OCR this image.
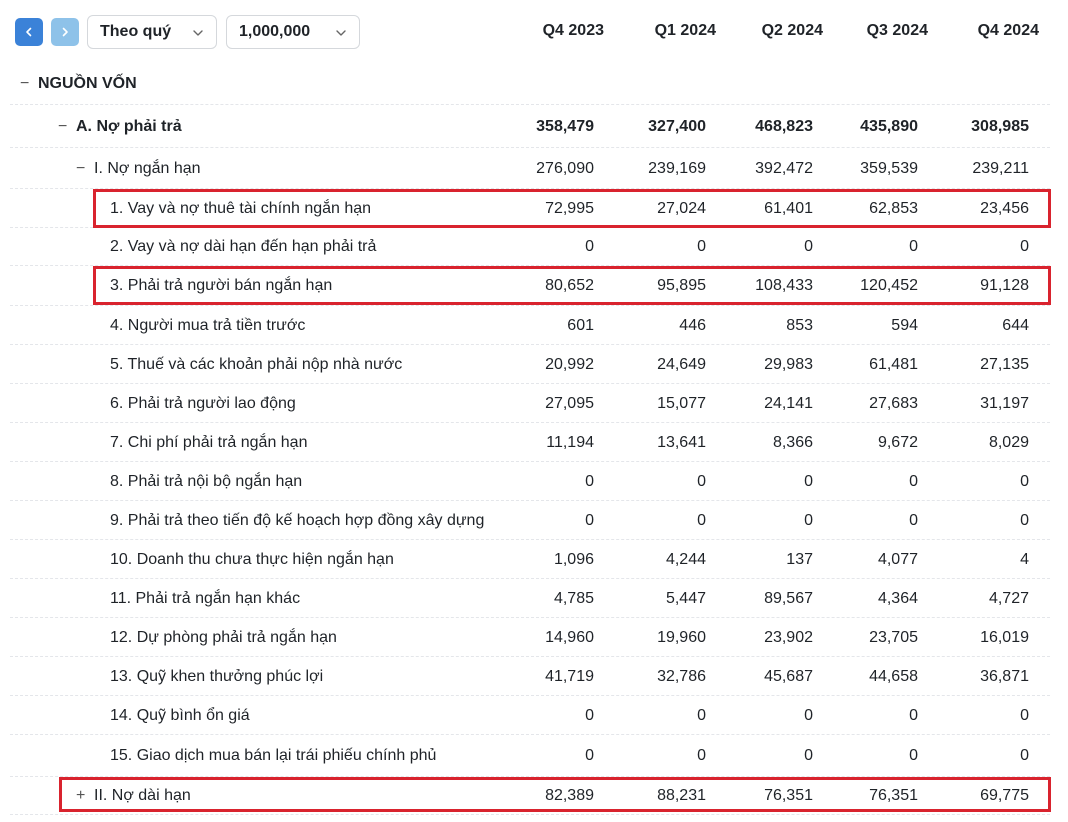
Theo quý	1,000,000	Q4 2023	Q1 2024	Q2 2024	Q3 2024	Q4 2024
− NGUỒN VỐN
− A. Nợ phải trả	358,479	327,400	468,823	435,890	308,985
− I. Nợ ngắn hạn	276,090	239,169	392,472	359,539	239,211
1. Vay và nợ thuê tài chính ngắn hạn	72,995	27,024	61,401	62,853	23,456
2. Vay và nợ dài hạn đến hạn phải trả	0	0	0	0	0
3. Phải trả người bán ngắn hạn	80,652	95,895	108,433	120,452	91,128
4. Người mua trả tiền trước	601	446	853	594	644
5. Thuế và các khoản phải nộp nhà nước	20,992	24,649	29,983	61,481	27,135
6. Phải trả người lao động	27,095	15,077	24,141	27,683	31,197
7. Chi phí phải trả ngắn hạn	11,194	13,641	8,366	9,672	8,029
8. Phải trả nội bộ ngắn hạn	0	0	0	0	0
9. Phải trả theo tiến độ kế hoạch hợp đồng xây dựng	0	0	0	0	0
10. Doanh thu chưa thực hiện ngắn hạn	1,096	4,244	137	4,077	4
11. Phải trả ngắn hạn khác	4,785	5,447	89,567	4,364	4,727
12. Dự phòng phải trả ngắn hạn	14,960	19,960	23,902	23,705	16,019
13. Quỹ khen thưởng phúc lợi	41,719	32,786	45,687	44,658	36,871
14. Quỹ bình ổn giá	0	0	0	0	0
15. Giao dịch mua bán lại trái phiếu chính phủ	0	0	0	0	0
+ II. Nợ dài hạn	82,389	88,231	76,351	76,351	69,775
